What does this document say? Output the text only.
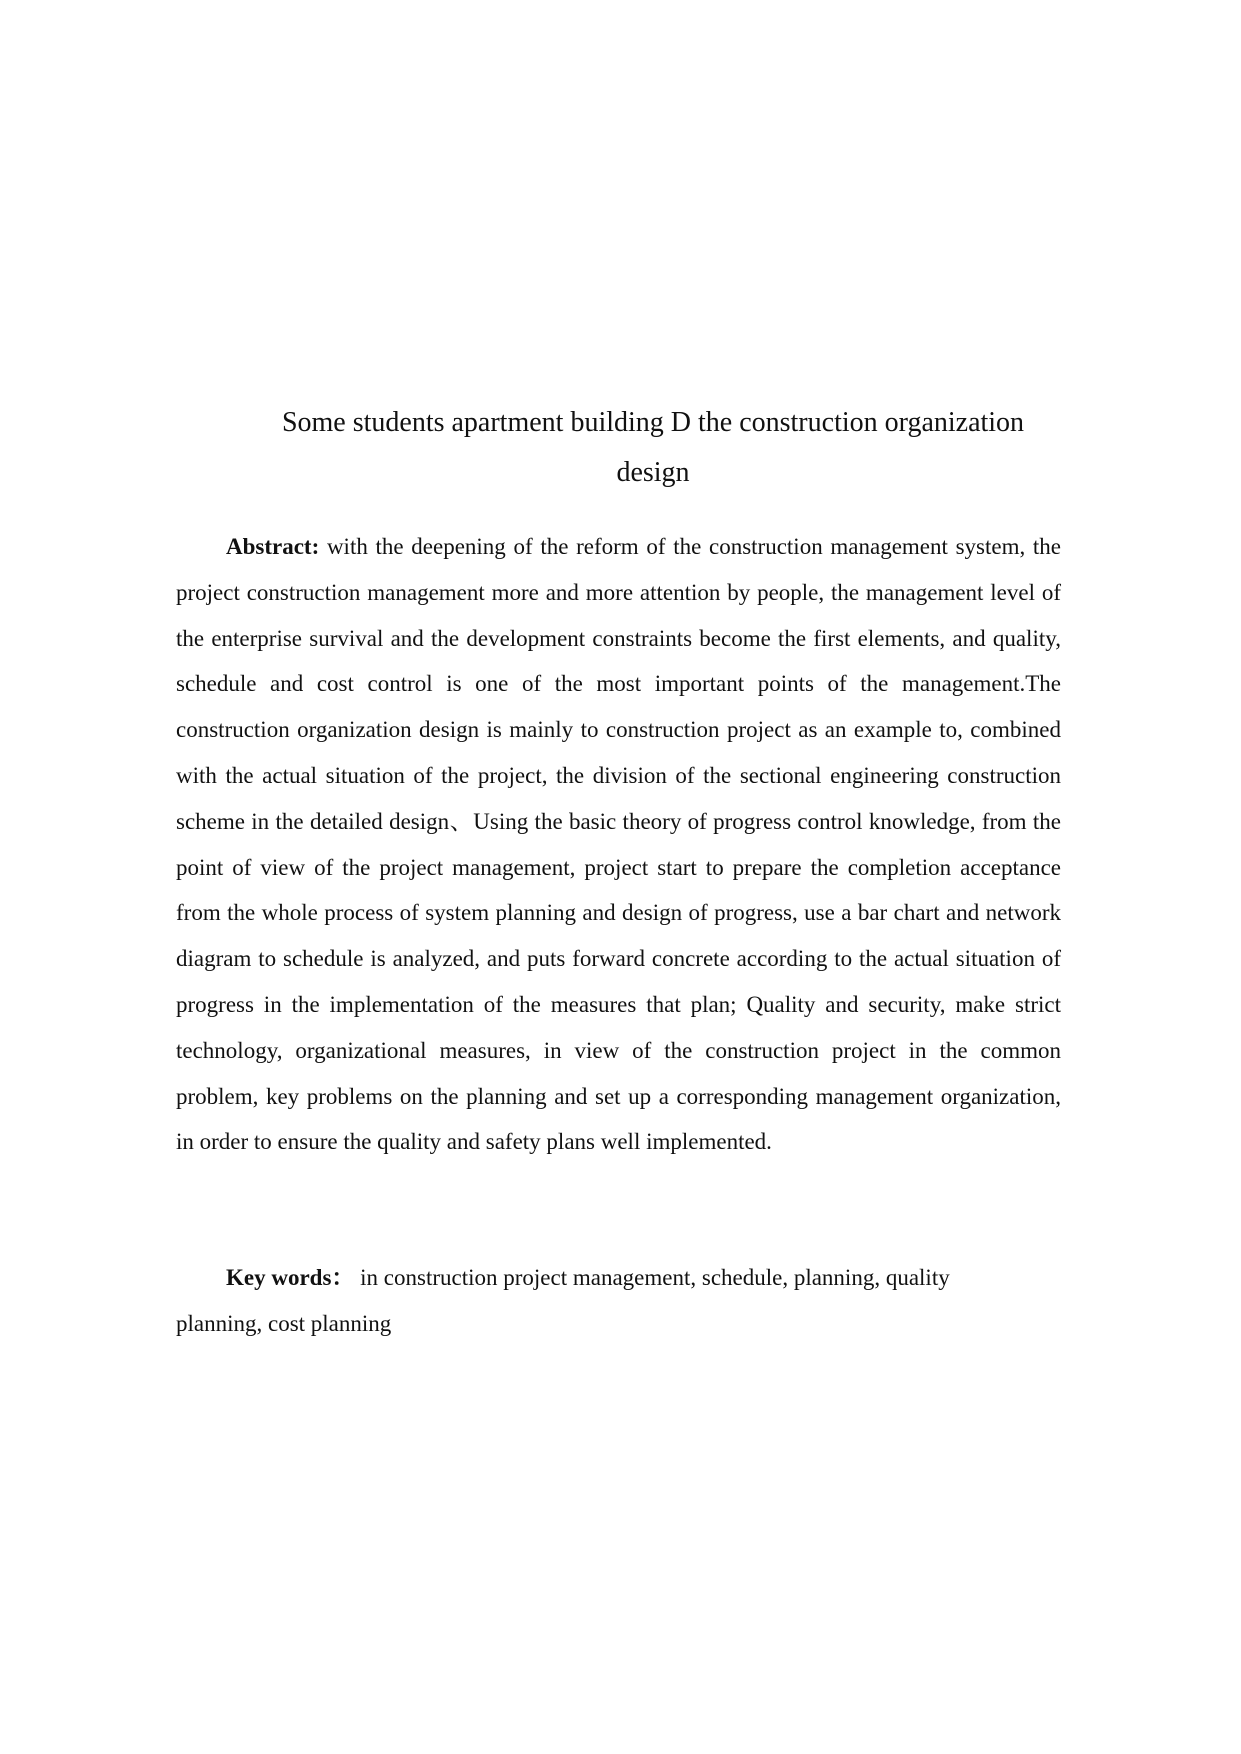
Some students apartment building D the construction organization
design

Abstract: with the deepening of the reform of the construction management system, the project construction management more and more attention by people, the management level of the enterprise survival and the development constraints become the first elements, and quality, schedule and cost control is one of the most important points of the management.The construction organization design is mainly to construction project as an example to, combined with the actual situation of the project, the division of the sectional engineering construction scheme in the detailed design、Using the basic theory of progress control knowledge, from the point of view of the project management, project start to prepare the completion acceptance from the whole process of system planning and design of progress, use a bar chart and network diagram to schedule is analyzed, and puts forward concrete according to the actual situation of progress in the implementation of the measures that plan; Quality and security, make strict technology, organizational measures, in view of the construction project in the common problem, key problems on the planning and set up a corresponding management organization, in order to ensure the quality and safety plans well implemented.

Key words： in construction project management, schedule, planning, quality
planning, cost planning
